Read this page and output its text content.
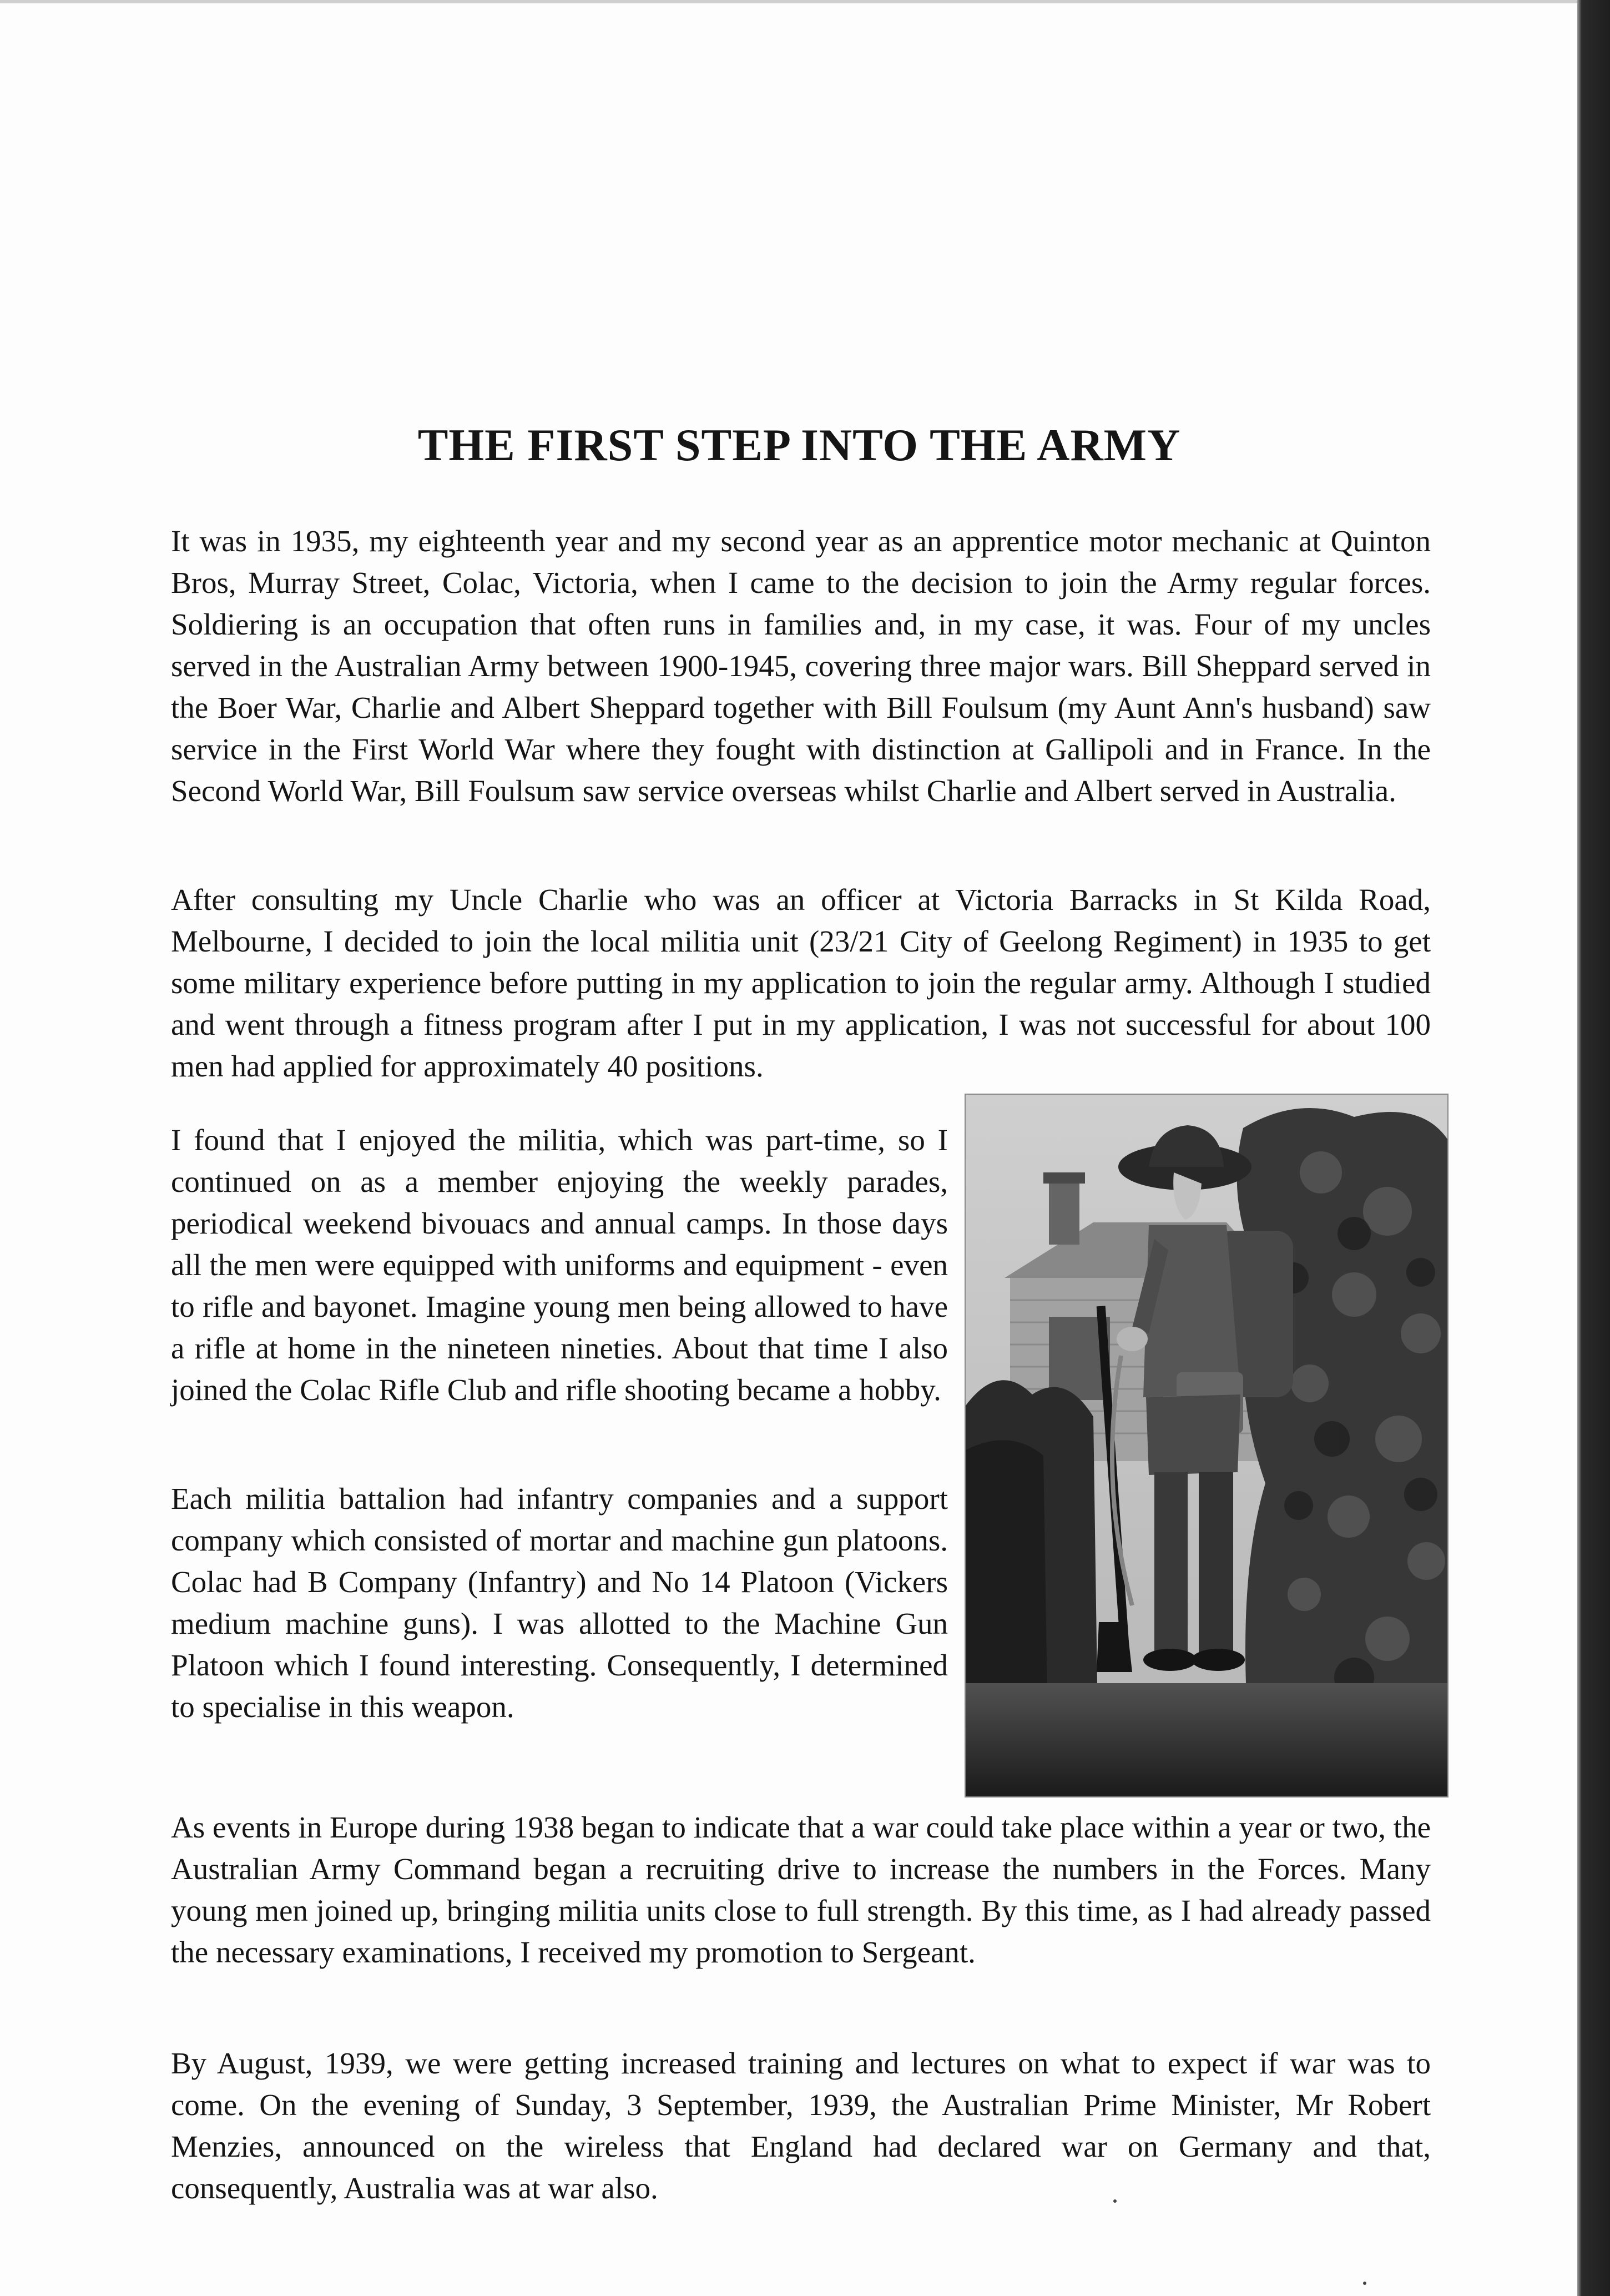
THE FIRST STEP INTO THE ARMY

It was in 1935, my eighteenth year and my second year as an apprentice motor mechanic at Quinton Bros, Murray Street, Colac, Victoria, when I came to the decision to join the Army regular forces. Soldiering is an occupation that often runs in families and, in my case, it was. Four of my uncles served in the Australian Army between 1900-1945, covering three major wars. Bill Sheppard served in the Boer War, Charlie and Albert Sheppard together with Bill Foulsum (my Aunt Ann's husband) saw service in the First World War where they fought with distinction at Gallipoli and in France. In the Second World War, Bill Foulsum saw service overseas whilst Charlie and Albert served in Australia.

After consulting my Uncle Charlie who was an officer at Victoria Barracks in St Kilda Road, Melbourne, I decided to join the local militia unit (23/21 City of Geelong Regiment) in 1935 to get some military experience before putting in my application to join the regular army. Although I studied and went through a fitness program after I put in my application, I was not successful for about 100 men had applied for approximately 40 positions.

I found that I enjoyed the militia, which was part-time, so I continued on as a member enjoying the weekly parades, periodical weekend bivouacs and annual camps. In those days all the men were equipped with uniforms and equipment - even to rifle and bayonet. Imagine young men being allowed to have a rifle at home in the nineteen nineties. About that time I also joined the Colac Rifle Club and rifle shooting became a hobby.

Each militia battalion had infantry companies and a support company which consisted of mortar and machine gun platoons. Colac had B Company (Infantry) and No 14 Platoon (Vickers medium machine guns). I was allotted to the Machine Gun Platoon which I found interesting. Consequently, I determined to specialise in this weapon.

As events in Europe during 1938 began to indicate that a war could take place within a year or two, the Australian Army Command began a recruiting drive to increase the numbers in the Forces. Many young men joined up, bringing militia units close to full strength. By this time, as I had already passed the necessary examinations, I received my promotion to Sergeant.

By August, 1939, we were getting increased training and lectures on what to expect if war was to come. On the evening of Sunday, 3 September, 1939, the Australian Prime Minister, Mr Robert Menzies, announced on the wireless that England had declared war on Germany and that, consequently, Australia was at war also.
